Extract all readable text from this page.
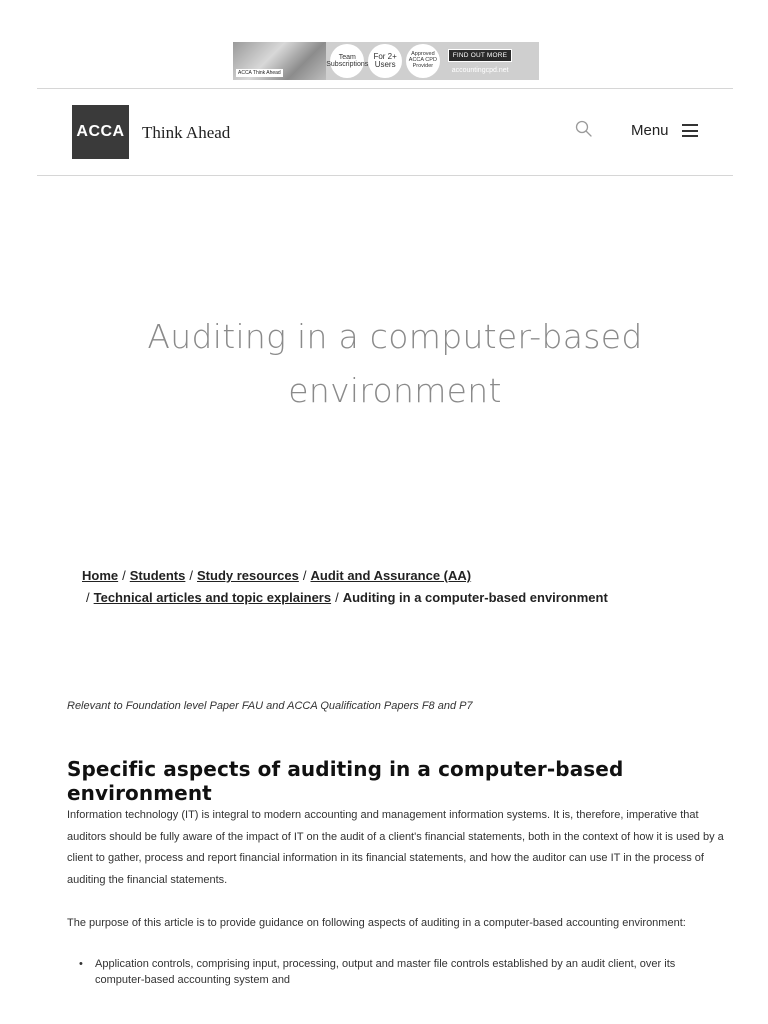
ACCA Think Ahead
Team Subscriptions
For 2+ Users
Approved ACCA CPD Provider
FIND OUT MORE
accountingcpd.net
ACCA Think Ahead	Menu
Auditing in a computer-based environment
Home / Students / Study resources / Audit and Assurance (AA)
/ Technical articles and topic explainers / Auditing in a computer-based environment

Relevant to Foundation level Paper FAU and ACCA Qualification Papers F8 and P7

Specific aspects of auditing in a computer-based environment

Information technology (IT) is integral to modern accounting and management information systems. It is, therefore, imperative that auditors should be fully aware of the impact of IT on the audit of a client's financial statements, both in the context of how it is used by a client to gather, process and report financial information in its financial statements, and how the auditor can use IT in the process of auditing the financial statements.

The purpose of this article is to provide guidance on following aspects of auditing in a computer-based accounting environment:

• Application controls, comprising input, processing, output and master file controls established by an audit client, over its computer-based accounting system and
